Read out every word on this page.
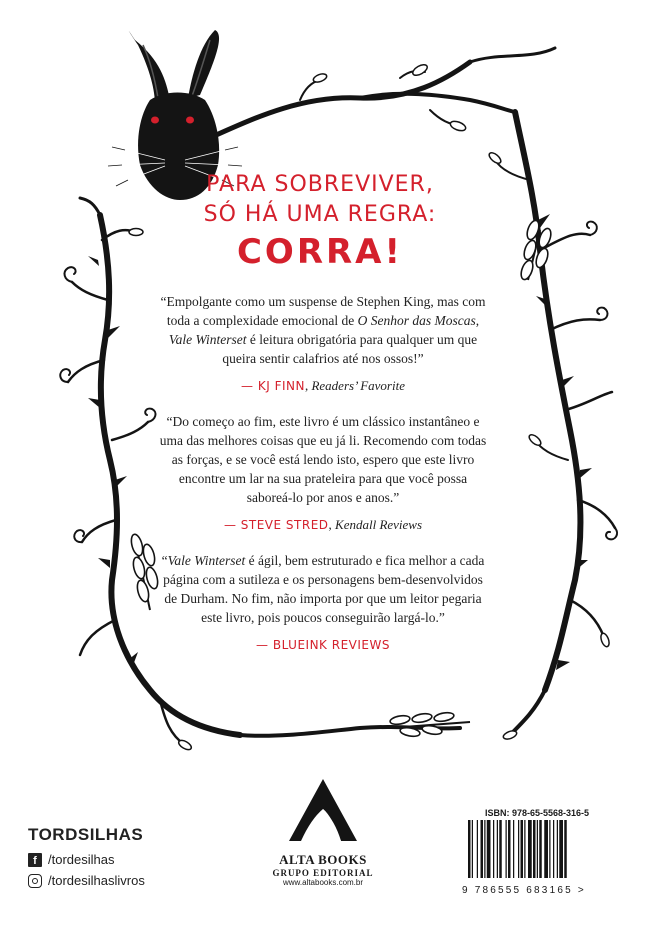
PARA SOBREVIVER,
SÓ HÁ UMA REGRA:
CORRA!
“Empolgante como um suspense de Stephen King, mas com toda a complexidade emocional de O Senhor das Moscas, Vale Winterset é leitura obrigatória para qualquer um que queira sentir calafrios até nos ossos!”
— KJ FINN, Readers’ Favorite
“Do começo ao fim, este livro é um clássico instantâneo e uma das melhores coisas que eu já li. Recomendo com todas as forças, e se você está lendo isto, espero que este livro encontre um lar na sua prateleira para que você possa saboreá-lo por anos e anos.”
— STEVE STRED, Kendall Reviews
“Vale Winterset é ágil, bem estruturado e fica melhor a cada página com a sutileza e os personagens bem-desenvolvidos de Durham. No fim, não importa por que um leitor pegaria este livro, pois poucos conseguirão largá-lo.”
— BLUEINK REVIEWS
TORDSILHAS
f /tordesilhas
/tordesilhaslivros
ALTA BOOKS
GRUPO EDITORIAL
www.altabooks.com.br
ISBN: 978-65-5568-316-5
9 786555 683165 >
